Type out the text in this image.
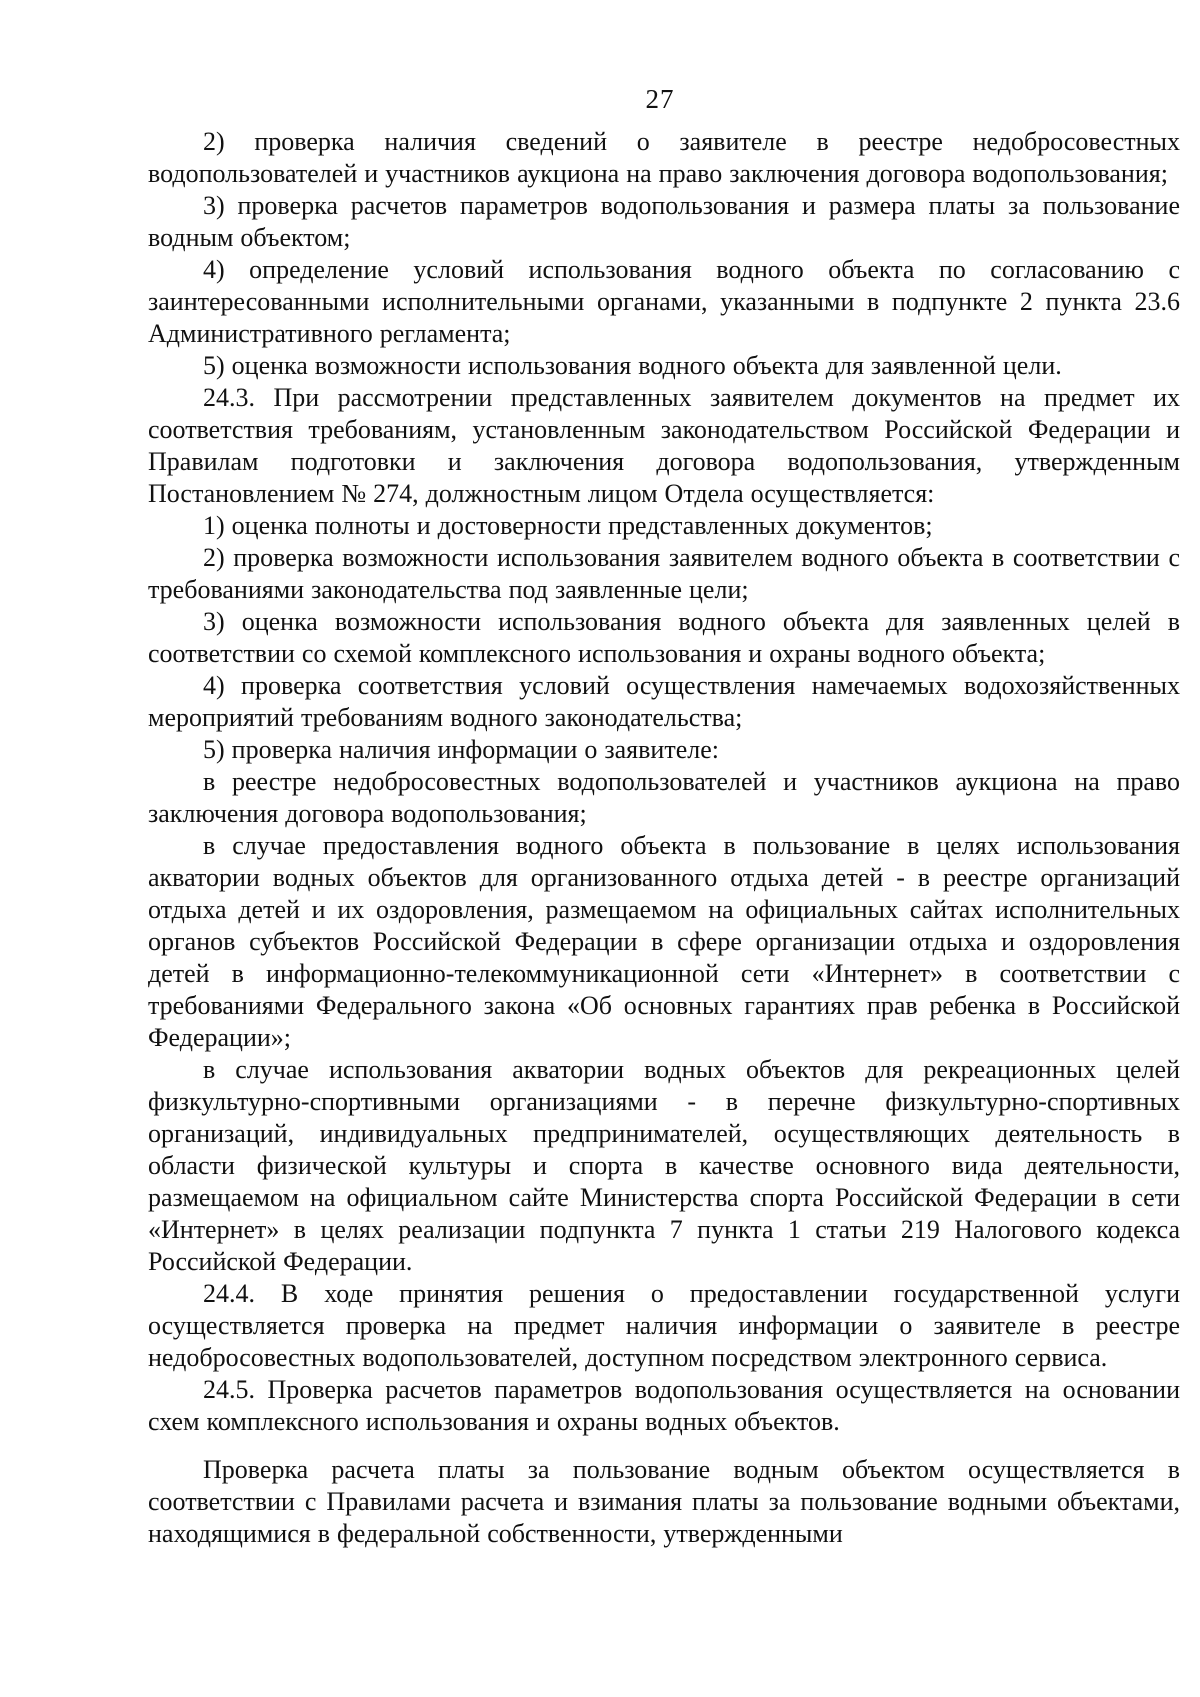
27

2) проверка наличия сведений о заявителе в реестре недобросовестных водопользователей и участников аукциона на право заключения договора водопользования;

3) проверка расчетов параметров водопользования и размера платы за пользование водным объектом;

4) определение условий использования водного объекта по согласованию с заинтересованными исполнительными органами, указанными в подпункте 2 пункта 23.6 Административного регламента;

5) оценка возможности использования водного объекта для заявленной цели.

24.3. При рассмотрении представленных заявителем документов на предмет их соответствия требованиям, установленным законодательством Российской Федерации и Правилам подготовки и заключения договора водопользования, утвержденным Постановлением № 274, должностным лицом Отдела осуществляется:

1) оценка полноты и достоверности представленных документов;

2) проверка возможности использования заявителем водного объекта в соответствии с требованиями законодательства под заявленные цели;

3) оценка возможности использования водного объекта для заявленных целей в соответствии со схемой комплексного использования и охраны водного объекта;

4) проверка соответствия условий осуществления намечаемых водохозяйственных мероприятий требованиям водного законодательства;

5) проверка наличия информации о заявителе:

в реестре недобросовестных водопользователей и участников аукциона на право заключения договора водопользования;

в случае предоставления водного объекта в пользование в целях использования акватории водных объектов для организованного отдыха детей - в реестре организаций отдыха детей и их оздоровления, размещаемом на официальных сайтах исполнительных органов субъектов Российской Федерации в сфере организации отдыха и оздоровления детей в информационно-телекоммуникационной сети «Интернет» в соответствии с требованиями Федерального закона «Об основных гарантиях прав ребенка в Российской Федерации»;

в случае использования акватории водных объектов для рекреационных целей физкультурно-спортивными организациями - в перечне физкультурно-спортивных организаций, индивидуальных предпринимателей, осуществляющих деятельность в области физической культуры и спорта в качестве основного вида деятельности, размещаемом на официальном сайте Министерства спорта Российской Федерации в сети «Интернет» в целях реализации подпункта 7 пункта 1 статьи 219 Налогового кодекса Российской Федерации.

24.4. В ходе принятия решения о предоставлении государственной услуги осуществляется проверка на предмет наличия информации о заявителе в реестре недобросовестных водопользователей, доступном посредством электронного сервиса.

24.5. Проверка расчетов параметров водопользования осуществляется на основании схем комплексного использования и охраны водных объектов.

Проверка расчета платы за пользование водным объектом осуществляется в соответствии с Правилами расчета и взимания платы за пользование водными объектами, находящимися в федеральной собственности, утвержденными
